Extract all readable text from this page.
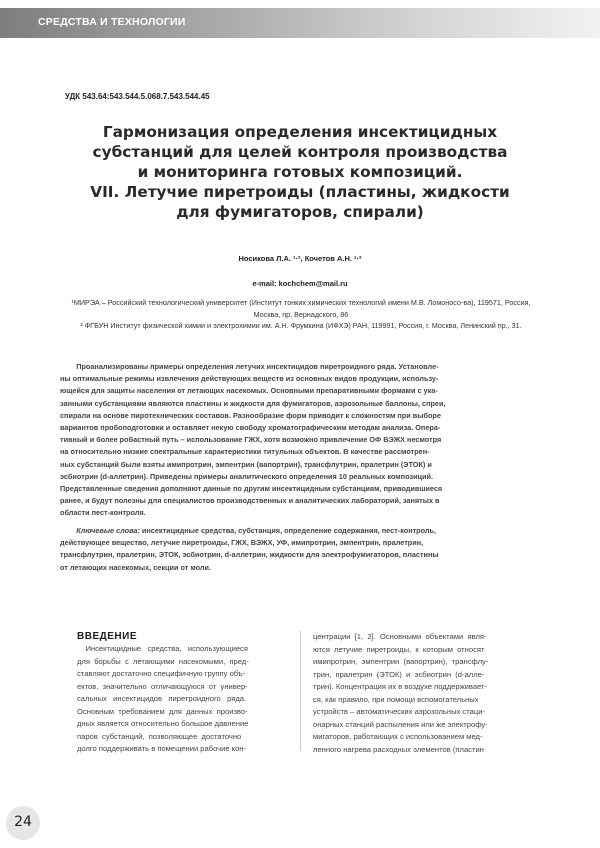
СРЕДСТВА И ТЕХНОЛОГИИ
УДК 543.64:543.544.5.068.7.543.544.45
Гармонизация определения инсектицидных
субстанций для целей контроля производства
и мониторинга готовых композиций.
VII. Летучие пиретроиды (пластины, жидкости
для фумигаторов, спирали)
Носикова Л.А. ¹·², Кочетов А.Н. ¹·²
e-mail: kochchem@mail.ru
¹МИРЭА – Российский технологический университет (Институт тонких химических технологий имени М.В. Ломоносо-ва), 119571, Россия, Москва, пр. Вернадского, 86
² ФГБУН Институт физической химии и электрохимии им. А.Н. Фрумкина (ИФХЭ) РАН, 119991, Россия, г. Москва, Ленинский пр., 31.
Проанализированы примеры определения летучих инсектицидов пиретроидного ряда. Установле-
ны оптимальные режимы извлечения действующих веществ из основных видов продукции, использу-
ющейся для защиты населения от летающих насекомых. Основными препаративными формами с ука-
занными субстанциями являются пластины и жидкости для фумигаторов, аэрозольные баллоны, спреи,
спирали на основе пиротехнических составов. Разнообразие форм приводит к сложностям при выборе
вариантов пробоподготовки и оставляет некую свободу хроматографическим методам анализа. Опера-
тивный и более робастный путь – использование ГЖХ, хотя возможно привлечение ОФ ВЭЖХ несмотря
на относительно низкие спектральные характеристики титульных объектов. В качестве рассмотрен-
ных субстанций были взяты имипротрин, эмпентрин (вапортрин), трансфлутрин, пралетрин (ЭТОК) и
эсбиотрин (d-аллетрин). Приведены примеры аналитического определения 10 реальных композиций.
Представленные сведения дополняют данные по другим инсектицидным субстанциям, приводившиеся
ранее, и будут полезны для специалистов производственных и аналитических лабораторий, занятых в
области пест-контроля.
Ключевые слова: инсектицидные средства, субстанция, определение содержания, пест-контроль,
действующее вещество, летучие пиретроиды, ГЖХ, ВЭЖХ, УФ, имипротрин, эмпентрин, пралетрин,
трансфлутрин, пралетрин, ЭТОК, эсбиотрин, d-аллетрин, жидкости для электрофумигаторов, пластины
от летающих насекомых, секции от моли.
ВВЕДЕНИЕ
Инсектицидные   средства,   использующиеся
для  борьбы  с  летающими  насекомыми,  пред-
ставляют достаточно специфичную группу объ-
ектов,  значительно  отличающуюся  от  универ-
сальных   инсектицидов   пиретроидного   ряда.
Основным  требованием  для  данных  произво-
дных является относительно большое давление
паров  субстанций,  позволяющее  достаточно
долго поддерживать в помещении рабочие кон-
центрации  [1,  2].  Основными  объектами  явля-
ются  летучие  пиретроиды,  к  которым  относят
имипротрин,  эмпентрин  (вапортрин),  трансфлу-
трин,  пралетрин  (ЭТОК)  и  эсбиотрин  (d-алле-
трин). Концентрация их в воздухе поддерживает-
ся, как правило, при помощи вспомогательных
устройств – автоматических аэрозольных стаци-
онарных станций распыления или же электрофу-
мигаторов, работающих с использованием мед-
ленного нагрева расходных элементов (пластин
24
